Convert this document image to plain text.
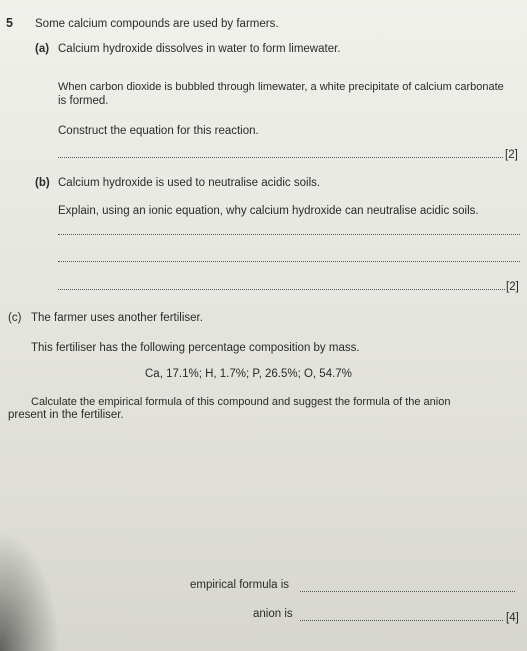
5 Some calcium compounds are used by farmers.
(a) Calcium hydroxide dissolves in water to form limewater.
When carbon dioxide is bubbled through limewater, a white precipitate of calcium carbonate
is formed.
Construct the equation for this reaction.
[2]
(b) Calcium hydroxide is used to neutralise acidic soils.
Explain, using an ionic equation, why calcium hydroxide can neutralise acidic soils.
[2]
(c) The farmer uses another fertiliser.
This fertiliser has the following percentage composition by mass.
Ca, 17.1%; H, 1.7%; P, 26.5%; O, 54.7%
Calculate the empirical formula of this compound and suggest the formula of the anion
present in the fertiliser.
empirical formula is
anion is	[4]
